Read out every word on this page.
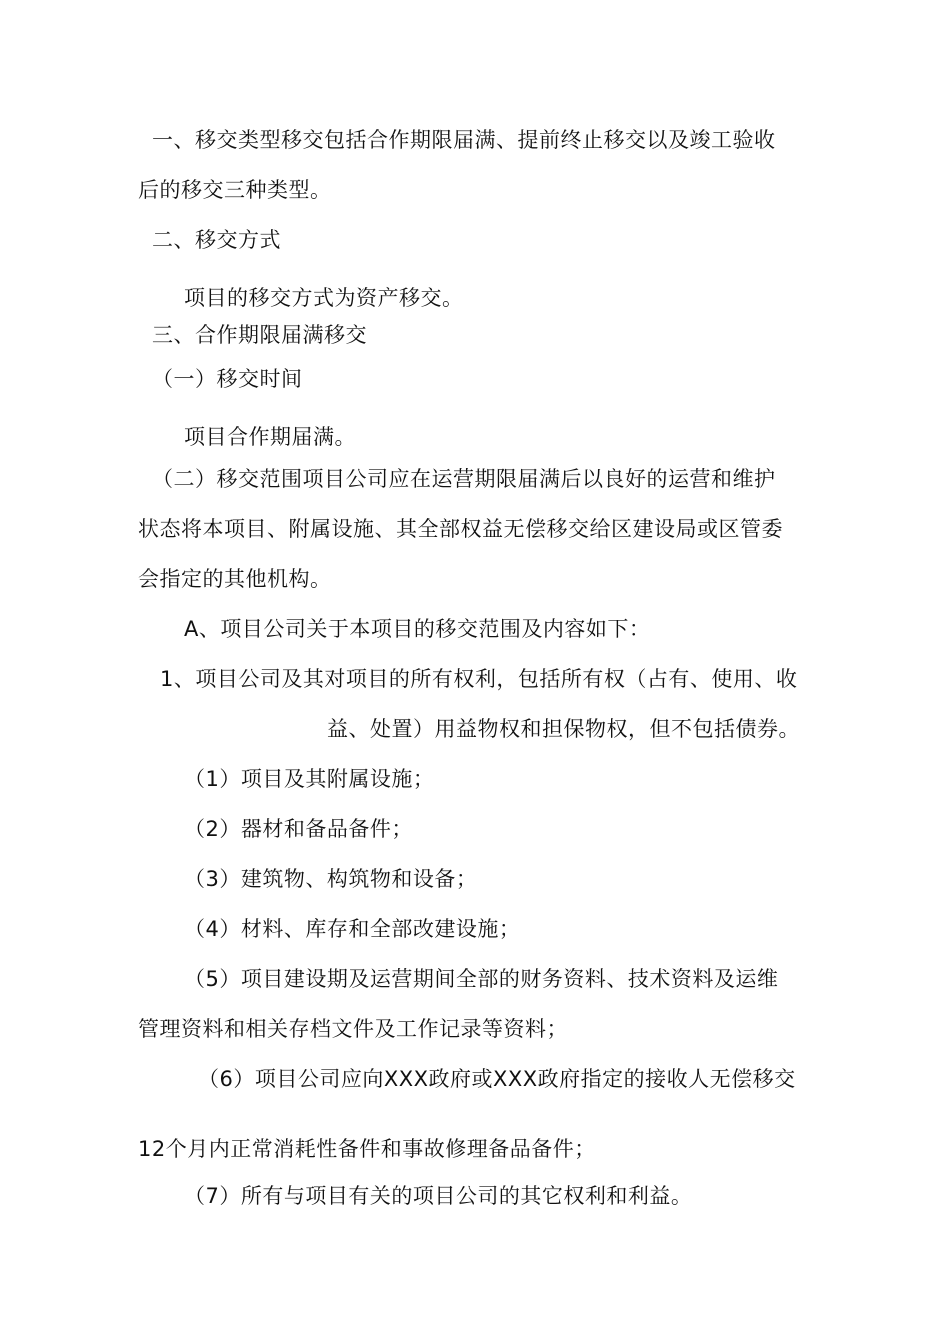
一、移交类型移交包括合作期限届满、提前终止移交以及竣工验收
后的移交三种类型。
二、移交方式
项目的移交方式为资产移交。
三、合作期限届满移交
（一）移交时间
项目合作期届满。
（二）移交范围项目公司应在运营期限届满后以良好的运营和维护
状态将本项目、附属设施、其全部权益无偿移交给区建设局或区管委
会指定的其他机构。
A、项目公司关于本项目的移交范围及内容如下：
1、项目公司及其对项目的所有权利，包括所有权（占有、使用、收
益、处置）用益物权和担保物权，但不包括债券。
（1）项目及其附属设施；
（2）器材和备品备件；
（3）建筑物、构筑物和设备；
（4）材料、库存和全部改建设施；
（5）项目建设期及运营期间全部的财务资料、技术资料及运维
管理资料和相关存档文件及工作记录等资料；
（6）项目公司应向XXX政府或XXX政府指定的接收人无偿移交
12个月内正常消耗性备件和事故修理备品备件；
（7）所有与项目有关的项目公司的其它权利和利益。
